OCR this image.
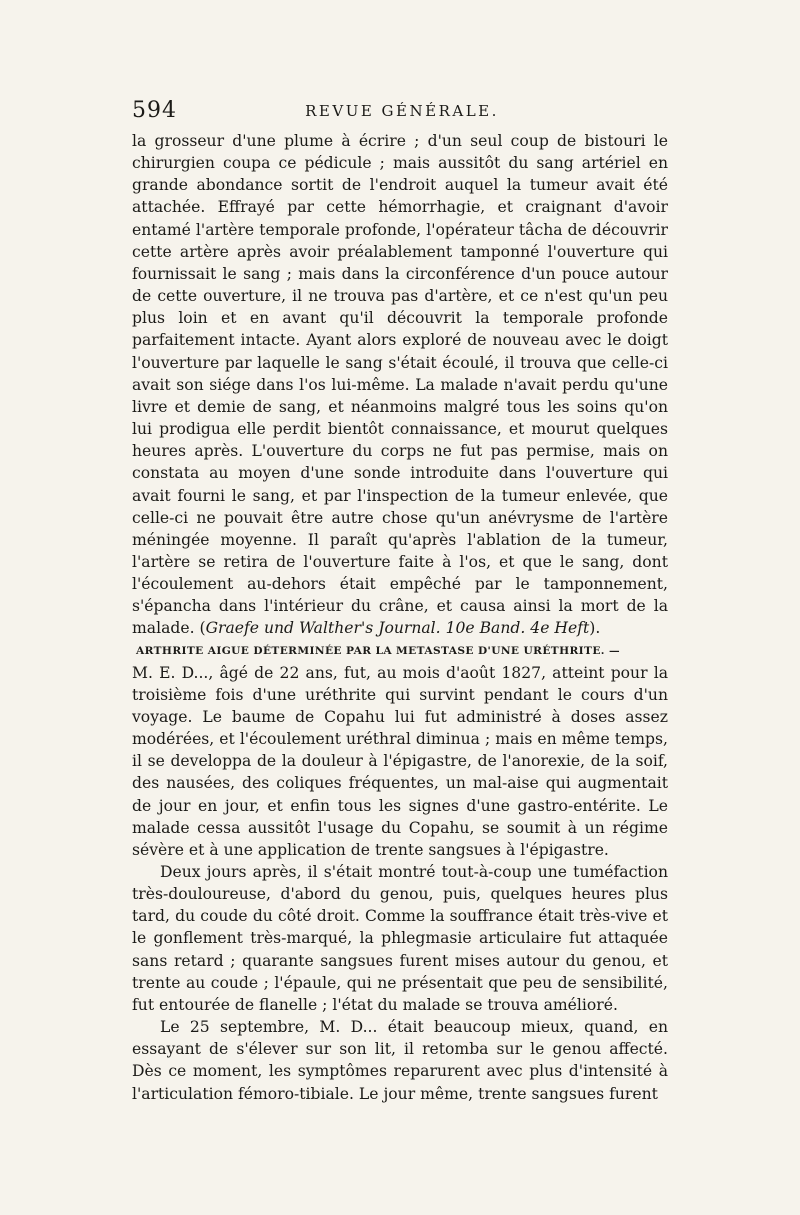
594	REVUE GÉNÉRALE.

la grosseur d'une plume à écrire ; d'un seul coup de bistouri le chirurgien coupa ce pédicule ; mais aussitôt du sang artériel en grande abondance sortit de l'endroit auquel la tumeur avait été attachée. Effrayé par cette hémorrhagie, et craignant d'avoir entamé l'artère temporale profonde, l'opérateur tâcha de découvrir cette artère après avoir préalablement tamponné l'ouverture qui fournissait le sang ; mais dans la circonférence d'un pouce autour de cette ouverture, il ne trouva pas d'artère, et ce n'est qu'un peu plus loin et en avant qu'il découvrit la temporale profonde parfaitement intacte. Ayant alors exploré de nouveau avec le doigt l'ouverture par laquelle le sang s'était écoulé, il trouva que celle-ci avait son siége dans l'os lui-même. La malade n'avait perdu qu'une livre et demie de sang, et néanmoins malgré tous les soins qu'on lui prodigua elle perdit bientôt connaissance, et mourut quelques heures après. L'ouverture du corps ne fut pas permise, mais on constata au moyen d'une sonde introduite dans l'ouverture qui avait fourni le sang, et par l'inspection de la tumeur enlevée, que celle-ci ne pouvait être autre chose qu'un anévrysme de l'artère méningée moyenne. Il paraît qu'après l'ablation de la tumeur, l'artère se retira de l'ouverture faite à l'os, et que le sang, dont l'écoulement au-dehors était empêché par le tamponnement, s'épancha dans l'intérieur du crâne, et causa ainsi la mort de la malade. (Graefe und Walther's Journal. 10e Band. 4e Heft).

ARTHRITE AIGUE DÉTERMINÉE PAR LA METASTASE D'UNE URÉTHRITE. —

M. E. D..., âgé de 22 ans, fut, au mois d'août 1827, atteint pour la troisième fois d'une uréthrite qui survint pendant le cours d'un voyage. Le baume de Copahu lui fut administré à doses assez modérées, et l'écoulement uréthral diminua ; mais en même temps, il se developpa de la douleur à l'épigastre, de l'anorexie, de la soif, des nausées, des coliques fréquentes, un mal-aise qui augmentait de jour en jour, et enfin tous les signes d'une gastro-entérite. Le malade cessa aussitôt l'usage du Copahu, se soumit à un régime sévère et à une application de trente sangsues à l'épigastre.

Deux jours après, il s'était montré tout-à-coup une tuméfaction très-douloureuse, d'abord du genou, puis, quelques heures plus tard, du coude du côté droit. Comme la souffrance était très-vive et le gonflement très-marqué, la phlegmasie articulaire fut attaquée sans retard ; quarante sangsues furent mises autour du genou, et trente au coude ; l'épaule, qui ne présentait que peu de sensibilité, fut entourée de flanelle ; l'état du malade se trouva amélioré.

Le 25 septembre, M. D... était beaucoup mieux, quand, en essayant de s'élever sur son lit, il retomba sur le genou affecté. Dès ce moment, les symptômes reparurent avec plus d'intensité à l'articulation fémoro-tibiale. Le jour même, trente sangsues furent
